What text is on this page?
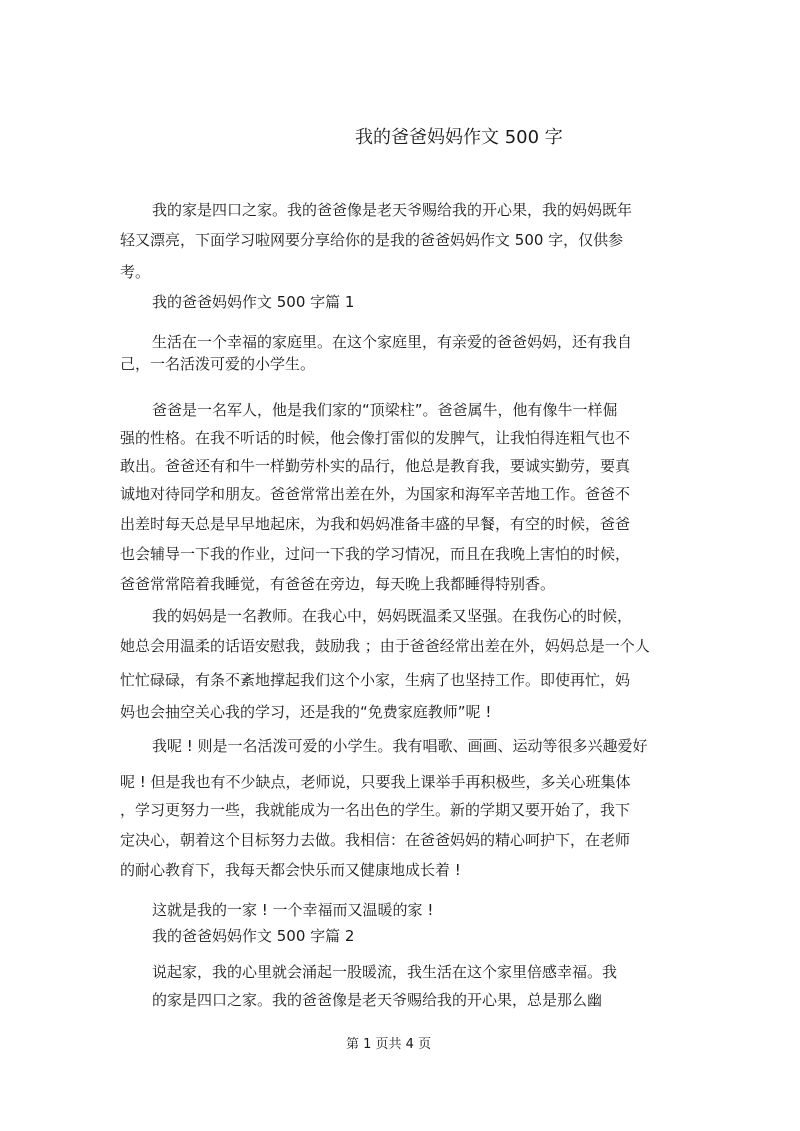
我的爸爸妈妈作文 500 字
我的家是四口之家。我的爸爸像是老天爷赐给我的开心果，我的妈妈既年
轻又漂亮，下面学习啦网要分享给你的是我的爸爸妈妈作文 500 字，仅供参
考。
我的爸爸妈妈作文 500 字篇 1
生活在一个幸福的家庭里。在这个家庭里，有亲爱的爸爸妈妈，还有我自
己，一名活泼可爱的小学生。
爸爸是一名军人，他是我们家的“顶梁柱”。爸爸属牛，他有像牛一样倔
强的性格。在我不听话的时候，他会像打雷似的发脾气，让我怕得连粗气也不
敢出。爸爸还有和牛一样勤劳朴实的品行，他总是教育我，要诚实勤劳，要真
诚地对待同学和朋友。爸爸常常出差在外，为国家和海军辛苦地工作。爸爸不
出差时每天总是早早地起床，为我和妈妈准备丰盛的早餐，有空的时候，爸爸
也会辅导一下我的作业，过问一下我的学习情况，而且在我晚上害怕的时候，
爸爸常常陪着我睡觉，有爸爸在旁边，每天晚上我都睡得特别香。
我的妈妈是一名教师。在我心中，妈妈既温柔又坚强。在我伤心的时候，
她总会用温柔的话语安慰我，鼓励我 ；由于爸爸经常出差在外，妈妈总是一个人
忙忙碌碌，有条不紊地撑起我们这个小家，生病了也坚持工作。即使再忙，妈
妈也会抽空关心我的学习，还是我的“免费家庭教师”呢 !
我呢 ! 则是一名活泼可爱的小学生。我有唱歌、画画、运动等很多兴趣爱好
呢 ! 但是我也有不少缺点，老师说，只要我上课举手再积极些，多关心班集体
，学习更努力一些，我就能成为一名出色的学生。新的学期又要开始了，我下
定决心，朝着这个目标努力去做。我相信：在爸爸妈妈的精心呵护下，在老师
的耐心教育下，我每天都会快乐而又健康地成长着 !
这就是我的一家 ! 一个幸福而又温暖的家 !
我的爸爸妈妈作文 500 字篇 2
说起家，我的心里就会涌起一股暖流，我生活在这个家里倍感幸福。我
的家是四口之家。我的爸爸像是老天爷赐给我的开心果，总是那么幽
第 1 页共 4 页
